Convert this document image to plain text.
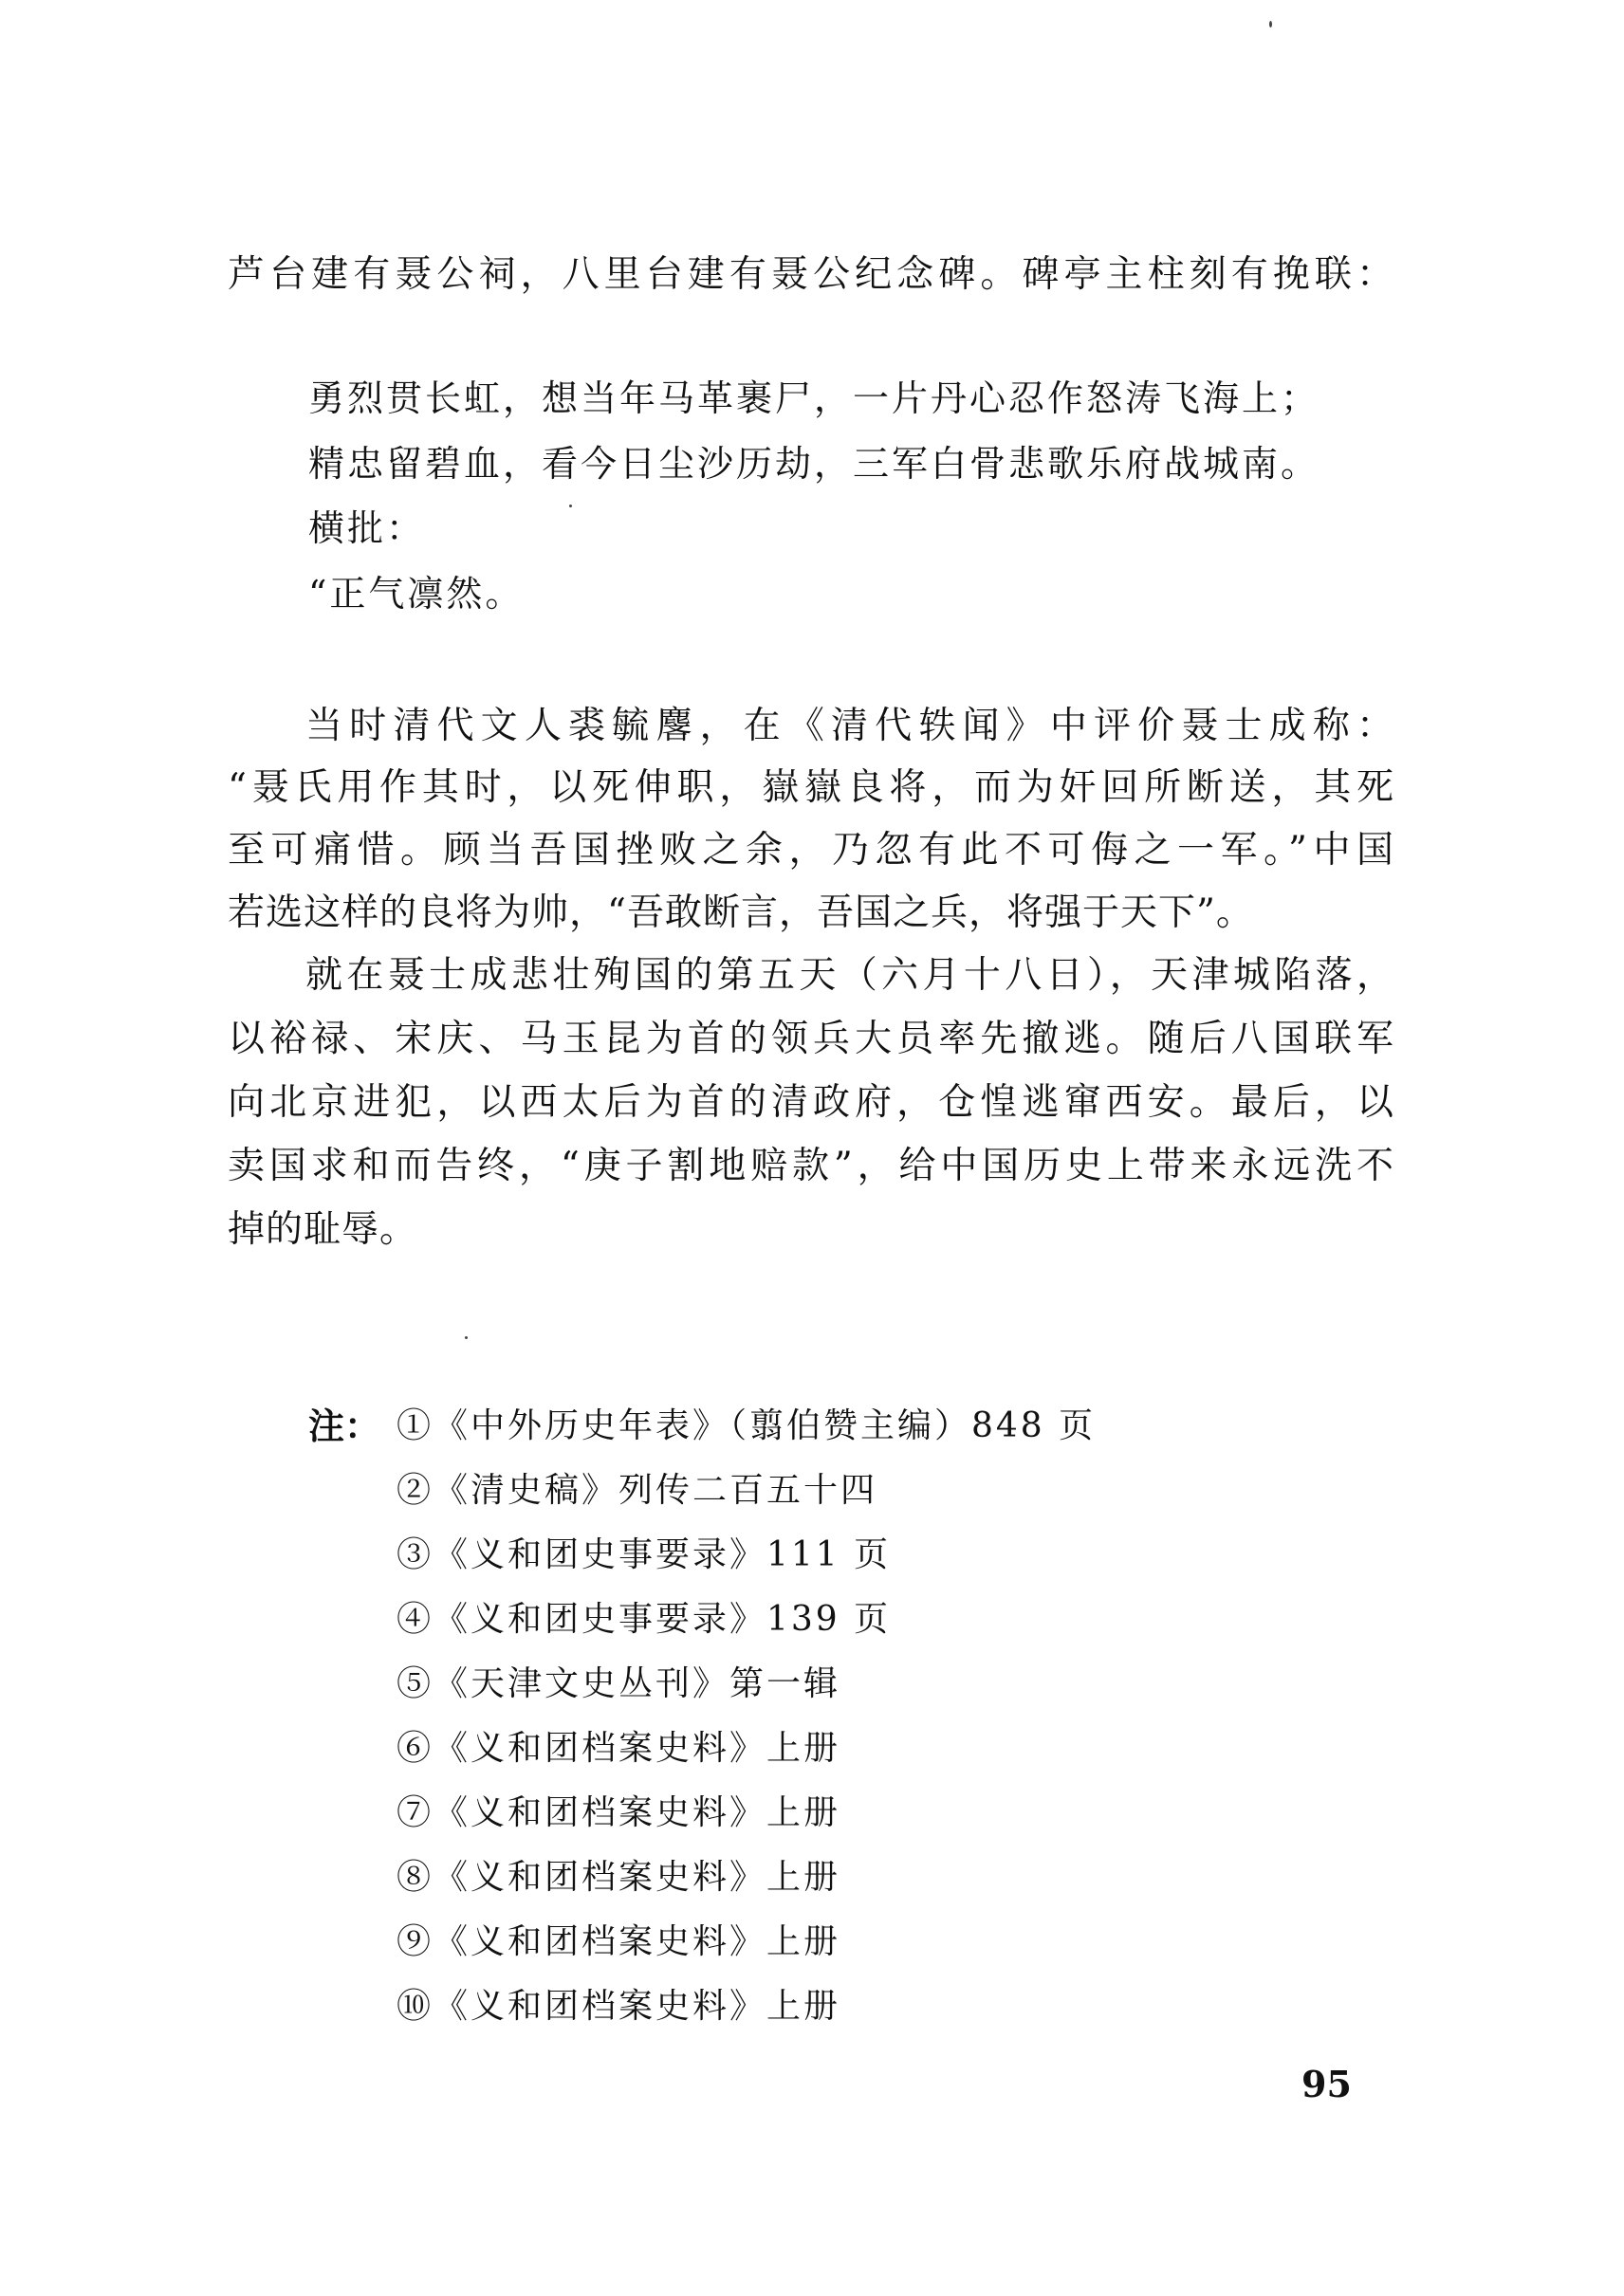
芦台建有聂公祠，八里台建有聂公纪念碑。碑亭主柱刻有挽联：
勇烈贯长虹，想当年马革裹尸，一片丹心忍作怒涛飞海上；
精忠留碧血，看今日尘沙历劫，三军白骨悲歌乐府战城南。
横批：
“正气凛然。
当时清代文人裘毓麐，在《清代轶闻》中评价聂士成称：
“聂氏用作其时，以死伸职，嶽嶽良将，而为奸回所断送，其死
至可痛惜。顾当吾国挫败之余，乃忽有此不可侮之一军。”中国
若选这样的良将为帅，“吾敢断言，吾国之兵，将强于天下”。
就在聂士成悲壮殉国的第五天（六月十八日），天津城陷落，
以裕禄、宋庆、马玉昆为首的领兵大员率先撤逃。随后八国联军
向北京进犯，以西太后为首的清政府，仓惶逃窜西安。最后，以
卖国求和而告终，“庚子割地赔款”，给中国历史上带来永远洗不
掉的耻辱。
注： ①《中外历史年表》（翦伯赞主编）848 页
②《清史稿》列传二百五十四
③《义和团史事要录》111 页
④《义和团史事要录》139 页
⑤《天津文史丛刊》第一辑
⑥《义和团档案史料》上册
⑦《义和团档案史料》上册
⑧《义和团档案史料》上册
⑨《义和团档案史料》上册
⑩《义和团档案史料》上册
95
